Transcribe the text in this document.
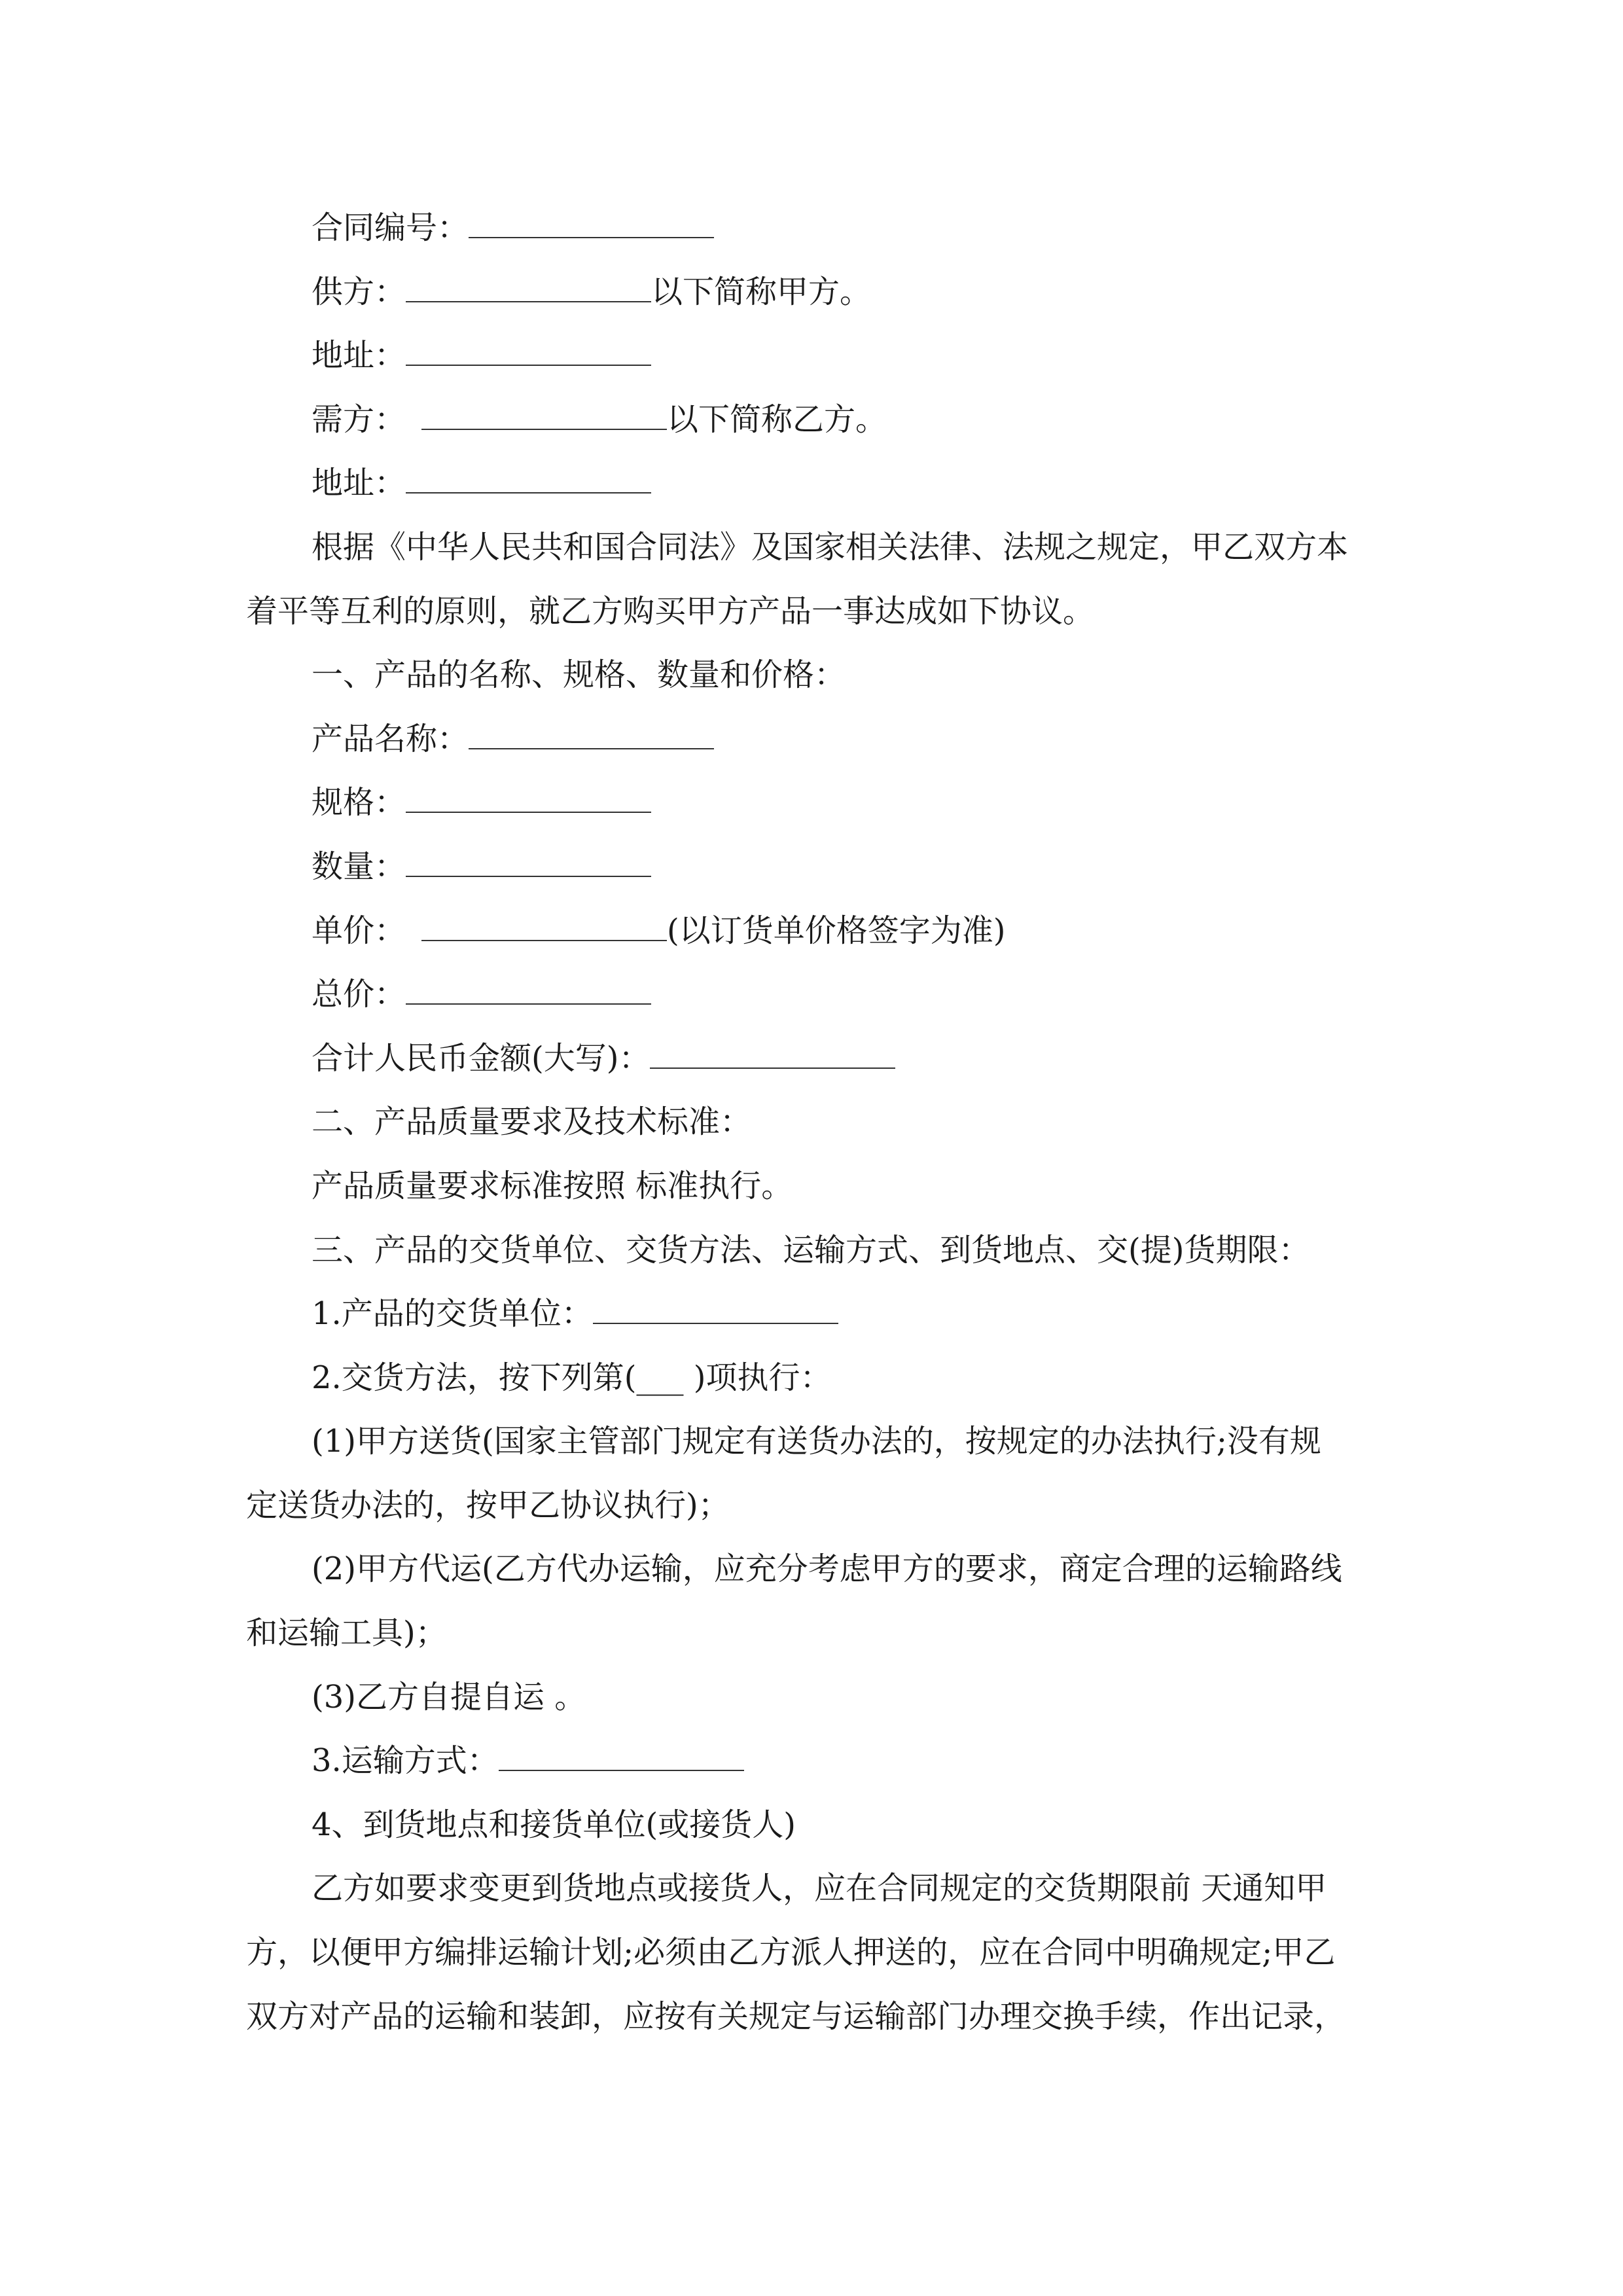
合同编号：
供方：	以下简称甲方。
地址：
需方：	以下简称乙方。
地址：
根据《中华人民共和国合同法》及国家相关法律、法规之规定，甲乙双方本
着平等互利的原则，就乙方购买甲方产品一事达成如下协议。
一、产品的名称、规格、数量和价格：
产品名称：
规格：
数量：
单价：	(以订货单价格签字为准)
总价：
合计人民币金额(大写)：
二、产品质量要求及技术标准：
产品质量要求标准按照 标准执行。
三、产品的交货单位、交货方法、运输方式、到货地点、交(提)货期限：
1.产品的交货单位：
2.交货方法，按下列第(___ )项执行：
(1)甲方送货(国家主管部门规定有送货办法的，按规定的办法执行;没有规
定送货办法的，按甲乙协议执行)；
(2)甲方代运(乙方代办运输，应充分考虑甲方的要求，商定合理的运输路线
和运输工具)；
(3)乙方自提自运 。
3.运输方式：
4、到货地点和接货单位(或接货人)
乙方如要求变更到货地点或接货人，应在合同规定的交货期限前 天通知甲
方，以便甲方编排运输计划;必须由乙方派人押送的，应在合同中明确规定;甲乙
双方对产品的运输和装卸，应按有关规定与运输部门办理交换手续，作出记录，
